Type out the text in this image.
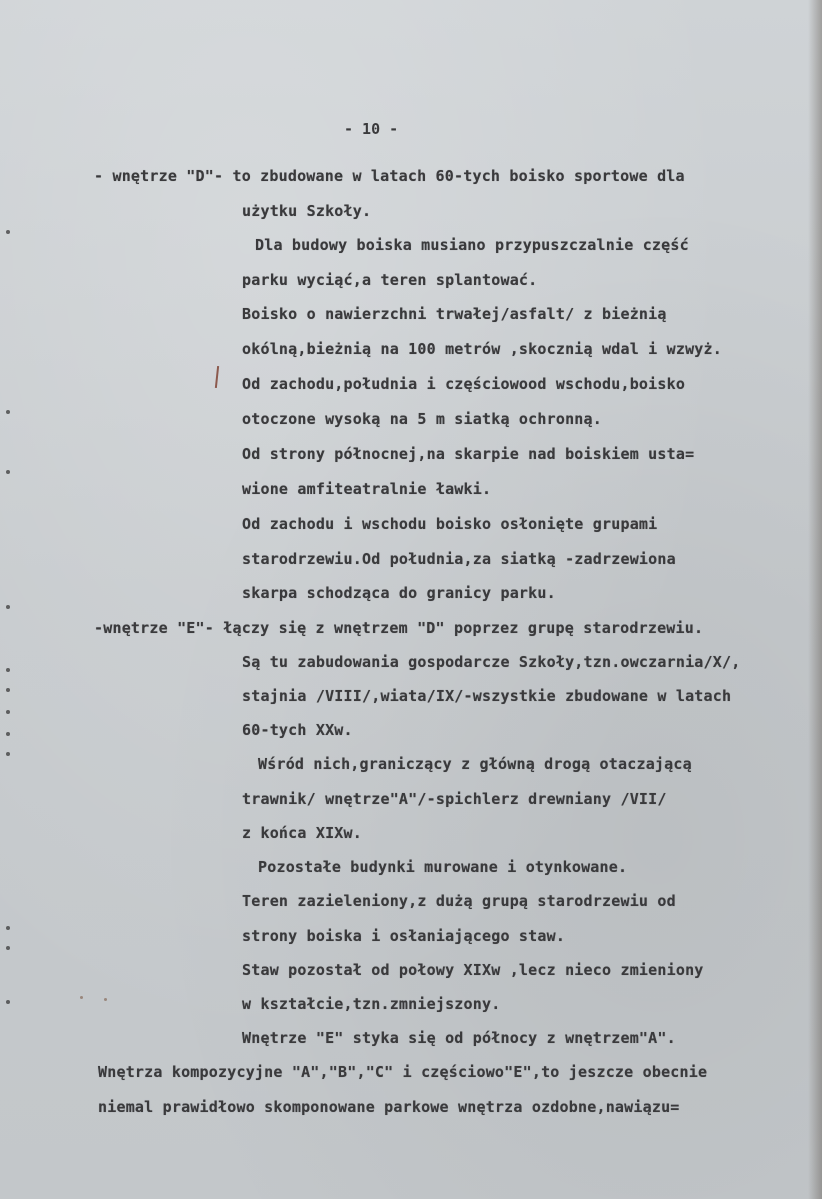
- 10 -
- wnętrze "D"- to zbudowane w latach 60-tych boisko sportowe dla
użytku Szkoły.
Dla budowy boiska musiano przypuszczalnie część
parku wyciąć,a teren splantować.
Boisko o nawierzchni trwałej/asfalt/ z bieżnią
okólną,bieżnią na 100 metrów ,skocznią wdal i wzwyż.
Od zachodu,południa i częściowood wschodu,boisko
otoczone wysoką na 5 m siatką ochronną.
Od strony północnej,na skarpie nad boiskiem usta=
wione amfiteatralnie ławki.
Od zachodu i wschodu boisko osłonięte grupami
starodrzewiu.Od południa,za siatką -zadrzewiona
skarpa schodząca do granicy parku.
-wnętrze "E"- łączy się z wnętrzem "D" poprzez grupę starodrzewiu.
Są tu zabudowania gospodarcze Szkoły,tzn.owczarnia/X/,
stajnia /VIII/,wiata/IX/-wszystkie zbudowane w latach
60-tych XXw.
Wśród nich,graniczący z główną drogą otaczającą
trawnik/ wnętrze"A"/-spichlerz drewniany /VII/
z końca XIXw.
Pozostałe budynki murowane i otynkowane.
Teren zazieleniony,z dużą grupą starodrzewiu od
strony boiska i osłaniającego staw.
Staw pozostał od połowy XIXw ,lecz nieco zmieniony
w kształcie,tzn.zmniejszony.
Wnętrze "E" styka się od północy z wnętrzem"A".
Wnętrza kompozycyjne "A","B","C" i częściowo"E",to jeszcze obecnie
niemal prawidłowo skomponowane parkowe wnętrza ozdobne,nawiązu=
